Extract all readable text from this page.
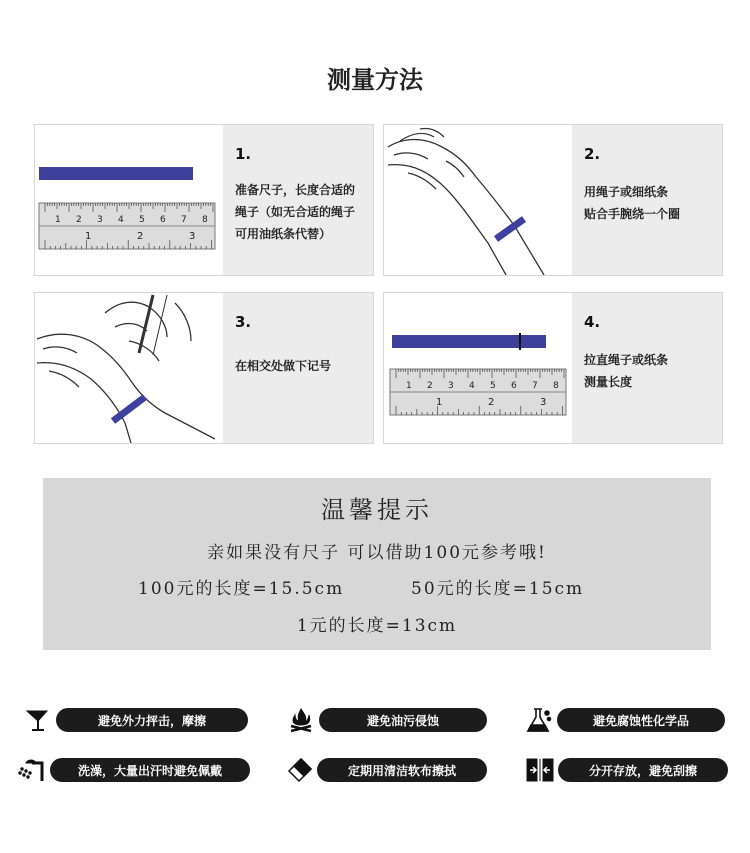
测量方法
1 2 3 4 5 6 7 8
1	2	3
1.
准备尺子，长度合适的
绳子（如无合适的绳子
可用油纸条代替）
2.
用绳子或细纸条
贴合手腕绕一个圈
3.
在相交处做下记号
1 2 3 4 5 6 7 8
1	2	3
4.
拉直绳子或纸条
测量长度
温馨提示
亲如果没有尺子 可以借助100元参考哦!
100元的长度=15.5cm	50元的长度=15cm
1元的长度=13cm
避免外力抨击，摩擦	避免油污侵蚀	避免腐蚀性化学品
洗澡，大量出汗时避免佩戴	定期用清洁软布擦拭	分开存放，避免刮擦
